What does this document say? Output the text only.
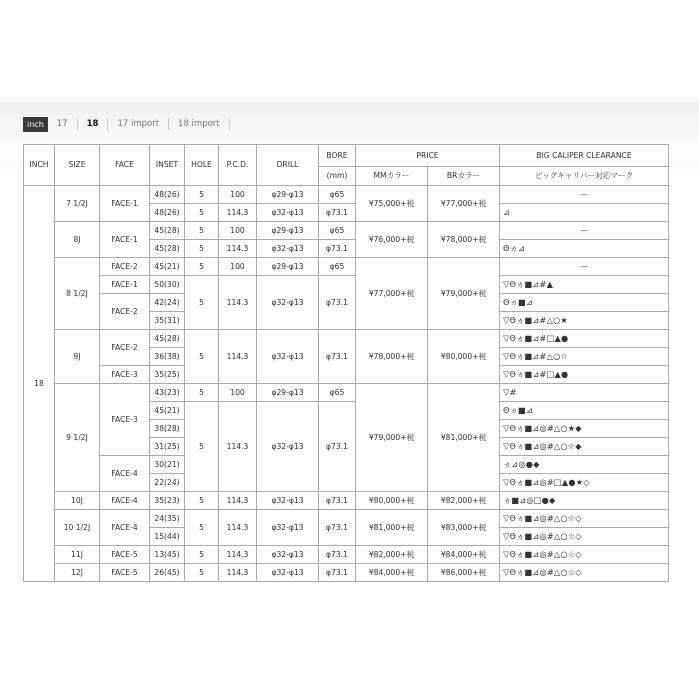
inch	17	18	17 import	18 import
INCH	SIZE	FACE	INSET	HOLE	P.C.D.	DRILL	BORE	PRICE		BIG CALIPER CLEARANCE
							(mm)	MMカラー	BRカラー	ビッグキャリパー対応マーク
18	7 1/2J	FACE-1	48(26)	5	100	φ29-φ13	φ65	¥75,000+税	¥77,000+税	—
			48(26)	5	114.3	φ32-φ13	φ73.1			⊿
	8J	FACE-1	45(28)	5	100	φ29-φ13	φ65	¥76,000+税	¥78,000+税	—
			45(28)	5	114.3	φ32-φ13	φ73.1			Θヵ⊿
	8 1/2J	FACE-2	45(21)	5	100	φ29-φ13	φ65	¥77,000+税	¥79,000+税	—
		FACE-1	50(30)	5	114.3	φ32-φ13	φ73.1			▽Θヵ■⊿#▲
		FACE-2	42(24)							Θヵ■⊿
			35(31)							▽Θヵ■⊿#△○★
	9J	FACE-2	45(28)	5	114.3	φ32-φ13	φ73.1	¥78,000+税	¥80,000+税	▽Θヵ■⊿#□▲●
			36(38)							▽Θヵ■⊿#△○☆
		FACE-3	35(25)							▽Θヵ■⊿#□▲●
	9 1/2J	FACE-3	43(23)	5	100	φ29-φ13	φ65	¥79,000+税	¥81,000+税	▽#
			45(21)	5	114.3	φ32-φ13	φ73.1			Θヵ■⊿
			38(28)							▽Θヵ■⊿◎#△○★◆
			31(25)							▽Θヵ■⊿◎#△○☆◆
		FACE-4	30(21)							ヵ⊿◎●◆
			22(24)							▽Θヵ■⊿◎#□▲●★◇
	10J	FACE-4	35(23)	5	114.3	φ32-φ13	φ73.1	¥80,000+税	¥82,000+税	ヵ■⊿◎□●◆
	10 1/2J	FACE-4	24(35)	5	114.3	φ32-φ13	φ73.1	¥81,000+税	¥83,000+税	▽Θヵ■⊿◎#△○☆◇
			15(44)							▽Θヵ■⊿◎#△○☆◇
	11J	FACE-5	13(45)	5	114.3	φ32-φ13	φ73.1	¥82,000+税	¥84,000+税	▽Θヵ■⊿◎#△○☆◇
	12J	FACE-5	26(45)	5	114.3	φ32-φ13	φ73.1	¥84,000+税	¥86,000+税	▽Θヵ■⊿◎#△○☆◇
